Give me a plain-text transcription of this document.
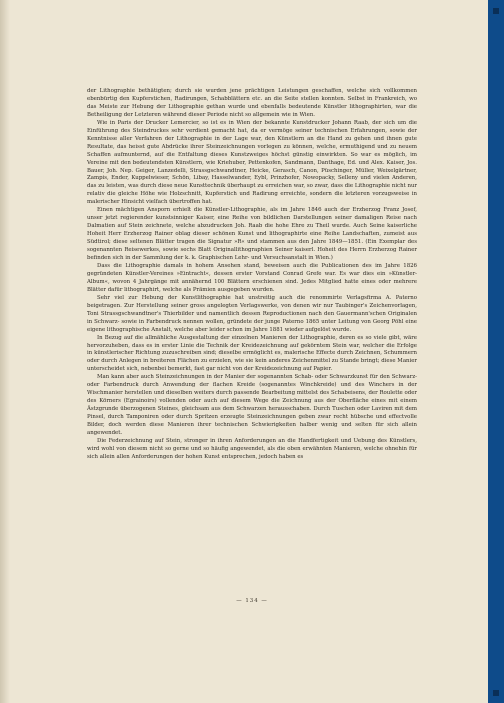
der Lithographie bethätigten; durch sie wurden jene prächtigen Leistungen geschaffen, welche sich vollkommen ebenbürtig den Kupferstichen, Radirungen, Schabblättern etc. an die Seite stellen konnten. Selbst in Frankreich, wo das Meiste zur Hebung der Lithographie gethan wurde und ebenfalls bedeutende Künstler lithographirten, war die Betheiligung der Letzteren während dieser Periode nicht so allgemein wie in Wien.

Wie in Paris der Drucker Lemercier, so ist es in Wien der bekannte Kunstdrucker Johann Raab, der sich um die Einführung des Steindruckes sehr verdient gemacht hat, da er vermöge seiner technischen Erfahrungen, sowie der Kenntnisse aller Verfahren der Lithographie in der Lage war, den Künstlern an die Hand zu gehen und ihnen gute Resultate, das heisst gute Abdrücke ihrer Steinzeichnungen vorlegen zu können, welche, ermuthigend und zu neuem Schaffen aufmunternd, auf die Entfaltung dieses Kunstzweiges höchst günstig einwirkten. So war es möglich, im Vereine mit den bedeutendsten Künstlern, wie Kriehuber, Pettenkofen, Sandmann, Danthage, Ed. und Alex. Kaiser, Jos. Bauer, Joh. Nep. Geiger, Lanzedelli, Strassgschwandtner, Heicke, Gerasch, Canon, Püschinger, Müller, Weixelgärtner, Zampis, Ender, Kuppelwieser, Schön, Libay, Hasselwander, Eybl, Prinzhofer, Nowopacky, Selleny und vielen Anderen, das zu leisten, was durch diese neue Kunsttechnik überhaupt zu erreichen war, so zwar, dass die Lithographie nicht nur relativ die gleiche Höhe wie Holzschnitt, Kupferstich und Radirung erreichte, sondern die letzteren vorzugsweise in malerischer Hinsicht vielfach übertroffen hat.

Einen mächtigen Ansporn erhielt die Künstler-Lithographie, als im Jahre 1846 auch der Erzherzog Franz Josef, unser jetzt regierender kunstsinniger Kaiser, eine Reihe von bildlichen Darstellungen seiner damaligen Reise nach Dalmatien auf Stein zeichnete, welche abzudrucken Joh. Raab die hohe Ehre zu Theil wurde. Auch Seine kaiserliche Hoheit Herr Erzherzog Rainer oblag dieser schönen Kunst und lithographirte eine Reihe Landschaften, zumeist aus Südtirol; diese seltenen Blätter tragen die Signatur »R« und stammen aus den Jahre 1849—1851. (Ein Exemplar des sogenannten Reisewerkes, sowie sechs Blatt Originallithographien Seiner kaiserl. Hoheit des Herrn Erzherzog Rainer befinden sich in der Sammlung der k. k. Graphischen Lehr- und Versuchsanstalt in Wien.)

Dass die Lithographie damals in hohem Ansehen stand, beweisen auch die Publicationen des im Jahre 1826 gegründeten Künstler-Vereines »Eintracht«, dessen erster Vorstand Conrad Grefe war. Es war dies ein »Künstler-Album«, wovon 4 Jahrgänge mit annähernd 100 Blättern erschienen sind. Jedes Mitglied hatte eines oder mehrere Blätter dafür lithographirt, welche als Prämien ausgegeben wurden.

Sehr viel zur Hebung der Kunstlithographie hat unstreitig auch die renommirte Verlagsfirma A. Paterno beigetragen. Zur Herstellung seiner gross angelegten Verlagswerke, von denen wir nur Taubinger's Zeichenvorlagen, Toni Strassgschwandtner's Thierbilder und namentlich dessen Reproductionen nach den Gauermann'schen Originalen in Schwarz- sowie in Farbendruck nennen wollen, gründete der junge Paterno 1865 unter Leitung von Georg Pöhl eine eigene lithographische Anstalt, welche aber leider schon im Jahre 1881 wieder aufgelöst wurde.

In Bezug auf die allmähliche Ausgestaltung der einzelnen Manieren der Lithographie, deren es so viele gibt, wäre hervorzuheben, dass es in erster Linie die Technik der Kreidezeichnung auf gekörntem Stein war, welcher die Erfolge in künstlerischer Richtung zuzuschreiben sind; dieselbe ermöglicht es, malerische Effecte durch Zeichnen, Schummern oder durch Anlegen in breiteren Flächen zu erzielen, wie sie kein anderes Zeichenmittel zu Stande bringt; diese Manier unterscheidet sich, nebenbei bemerkt, fast gar nicht von der Kreidezeichnung auf Papier.

Man kann aber auch Steinzeichnungen in der Manier der sogenannten Schab- oder Schwarzkunst für den Schwarz- oder Farbendruck durch Anwendung der flachen Kreide (sogenanntes Winchkreide) und des Winchers in der Wischmanier herstellen und dieselben weiters durch passende Bearbeitung mittelst des Schabeisens, der Roulette oder des Körners (Egrainoirs) vollenden oder auch auf diesem Wege die Zeichnung aus der Oberfläche eines mit einem Ästzgrunde überzogenen Steines, gleichsam aus dem Schwarzen herausschaben. Durch Tuschen oder Laviren mit dem Pinsel, durch Tamponiren oder durch Spritzen erzeugte Steinzeichnungen geben zwar recht hübsche und effectvolle Bilder, doch werden diese Manieren ihrer technischen Schwierigkeiten halber wenig und selten für sich allein angewendet.

Die Federzeichnung auf Stein, stronger in ihren Anforderungen an die Handfertigkeit und Uebung des Künstlers, wird wohl von diesem nicht so gerne und so häufig angewendet, als die oben erwähnten Manieren, welche ohnehin für sich allein allen Anforderungen der hohen Kunst entsprechen, jedoch haben es

— 134 —
